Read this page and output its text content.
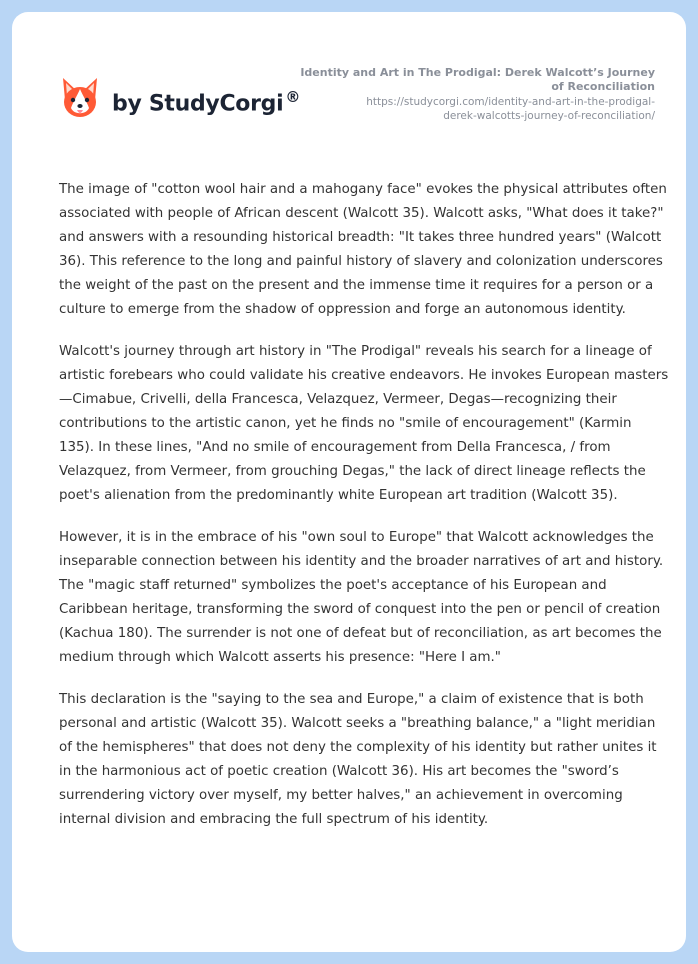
by StudyCorgi ®
Identity and Art in The Prodigal: Derek Walcott’s Journey of Reconciliation
https://studycorgi.com/identity-and-art-in-the-prodigal-
derek-walcotts-journey-of-reconciliation/

The image of "cotton wool hair and a mahogany face" evokes the physical attributes often associated with people of African descent (Walcott 35). Walcott asks, "What does it take?" and answers with a resounding historical breadth: "It takes three hundred years" (Walcott 36). This reference to the long and painful history of slavery and colonization underscores the weight of the past on the present and the immense time it requires for a person or a culture to emerge from the shadow of oppression and forge an autonomous identity.

Walcott's journey through art history in "The Prodigal" reveals his search for a lineage of artistic forebears who could validate his creative endeavors. He invokes European masters—Cimabue, Crivelli, della Francesca, Velazquez, Vermeer, Degas—recognizing their contributions to the artistic canon, yet he finds no "smile of encouragement" (Karmin 135). In these lines, "And no smile of encouragement from Della Francesca, / from Velazquez, from Vermeer, from grouching Degas," the lack of direct lineage reflects the poet's alienation from the predominantly white European art tradition (Walcott 35).

However, it is in the embrace of his "own soul to Europe" that Walcott acknowledges the inseparable connection between his identity and the broader narratives of art and history. The "magic staff returned" symbolizes the poet's acceptance of his European and Caribbean heritage, transforming the sword of conquest into the pen or pencil of creation (Kachua 180). The surrender is not one of defeat but of reconciliation, as art becomes the medium through which Walcott asserts his presence: "Here I am."

This declaration is the "saying to the sea and Europe," a claim of existence that is both personal and artistic (Walcott 35). Walcott seeks a "breathing balance," a "light meridian of the hemispheres" that does not deny the complexity of his identity but rather unites it in the harmonious act of poetic creation (Walcott 36). His art becomes the "sword’s surrendering victory over myself, my better halves," an achievement in overcoming internal division and embracing the full spectrum of his identity.
